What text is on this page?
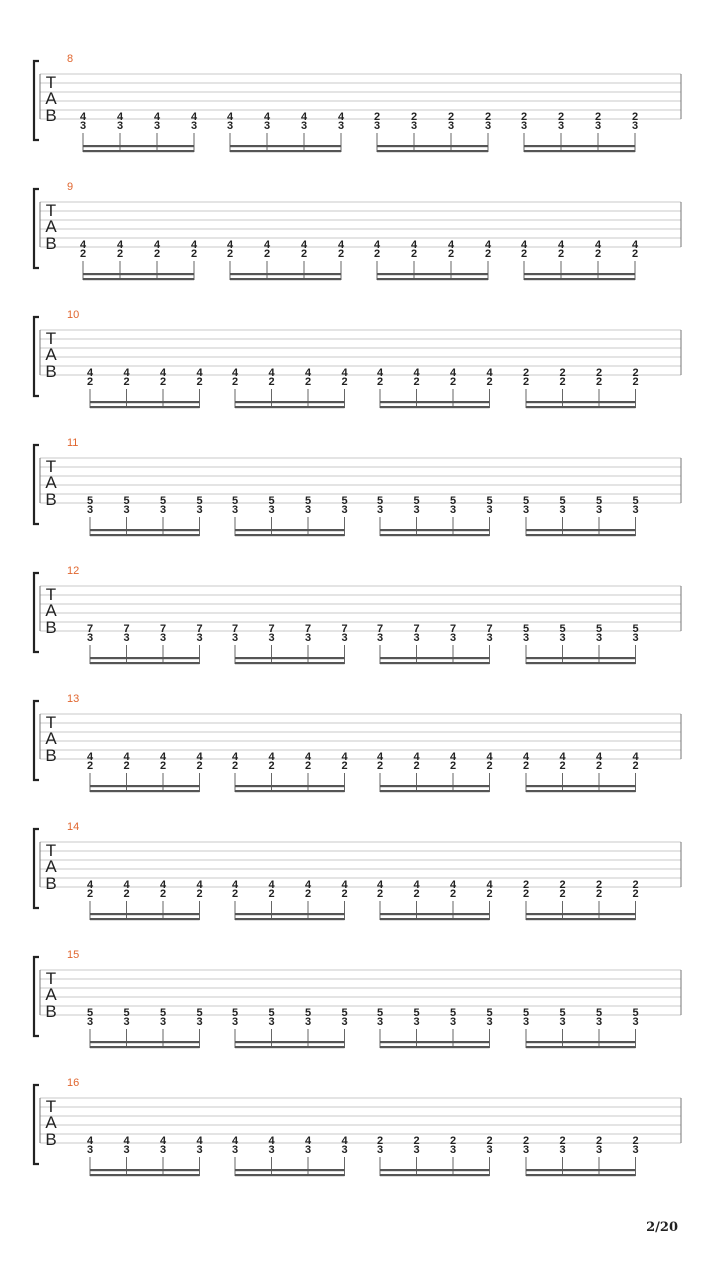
8
T
A
B 4
3
4
3
4
3
4
3
4
3
4
3
4
3
4
3
2
3
2
3
2
3
2
3
2
3
2
3
2
3
2
3
9
T
A
B 4
2
4
2
4
2
4
2
4
2
4
2
4
2
4
2
4
2
4
2
4
2
4
2
4
2
4
2
4
2
4
2
10
T
A
B	4
2
4
2
4
2
4
2
4
2
4
2
4
2
4
2
4
2
4
2
4
2
4
2
2
2
2
2
2
2
2
2
11
T
A
B	5
3
5
3
5
3
5
3
5
3
5
3
5
3
5
3
5
3
5
3
5
3
5
3
5
3
5
3
5
3
5
3
12
T
A
B	7
3
7
3
7
3
7
3
7
3
7
3
7
3
7
3
7
3
7
3
7
3
7
3
5
3
5
3
5
3
5
3
13
T
A
B	4
2
4
2
4
2
4
2
4
2
4
2
4
2
4
2
4
2
4
2
4
2
4
2
4
2
4
2
4
2
4
2
14
T
A
B	4
2
4
2
4
2
4
2
4
2
4
2
4
2
4
2
4
2
4
2
4
2
4
2
2
2
2
2
2
2
2
2
15
T
A
B	5
3
5
3
5
3
5
3
5
3
5
3
5
3
5
3
5
3
5
3
5
3
5
3
5
3
5
3
5
3
5
3
16
T
A
B	4
3
4
3
4
3
4
3
4
3
4
3
4
3
4
3
2
3
2
3
2
3
2
3
2
3
2
3
2
3
2
3
2/20
